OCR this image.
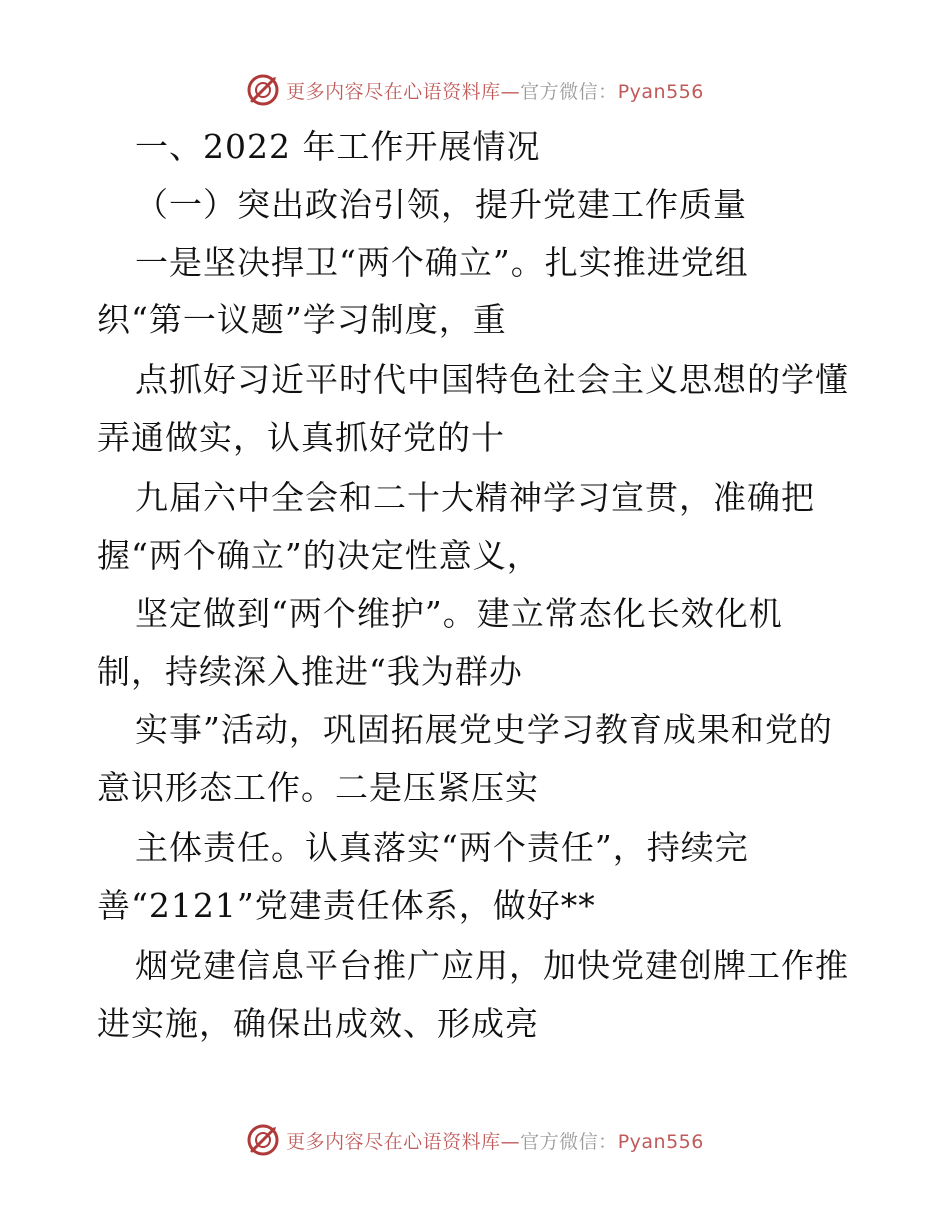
更多内容尽在心语资料库—官方微信：Pyan556
一、2022 年工作开展情况
（一）突出政治引领，提升党建工作质量
一是坚决捍卫“两个确立”。扎实推进党组
织“第一议题”学习制度，重
点抓好习近平时代中国特色社会主义思想的学懂
弄通做实，认真抓好党的十
九届六中全会和二十大精神学习宣贯，准确把
握“两个确立”的决定性意义，
坚定做到“两个维护”。建立常态化长效化机
制，持续深入推进“我为群办
实事”活动，巩固拓展党史学习教育成果和党的
意识形态工作。二是压紧压实
主体责任。认真落实“两个责任”，持续完
善“2121”党建责任体系，做好**
烟党建信息平台推广应用，加快党建创牌工作推
进实施，确保出成效、形成亮
更多内容尽在心语资料库—官方微信：Pyan556
